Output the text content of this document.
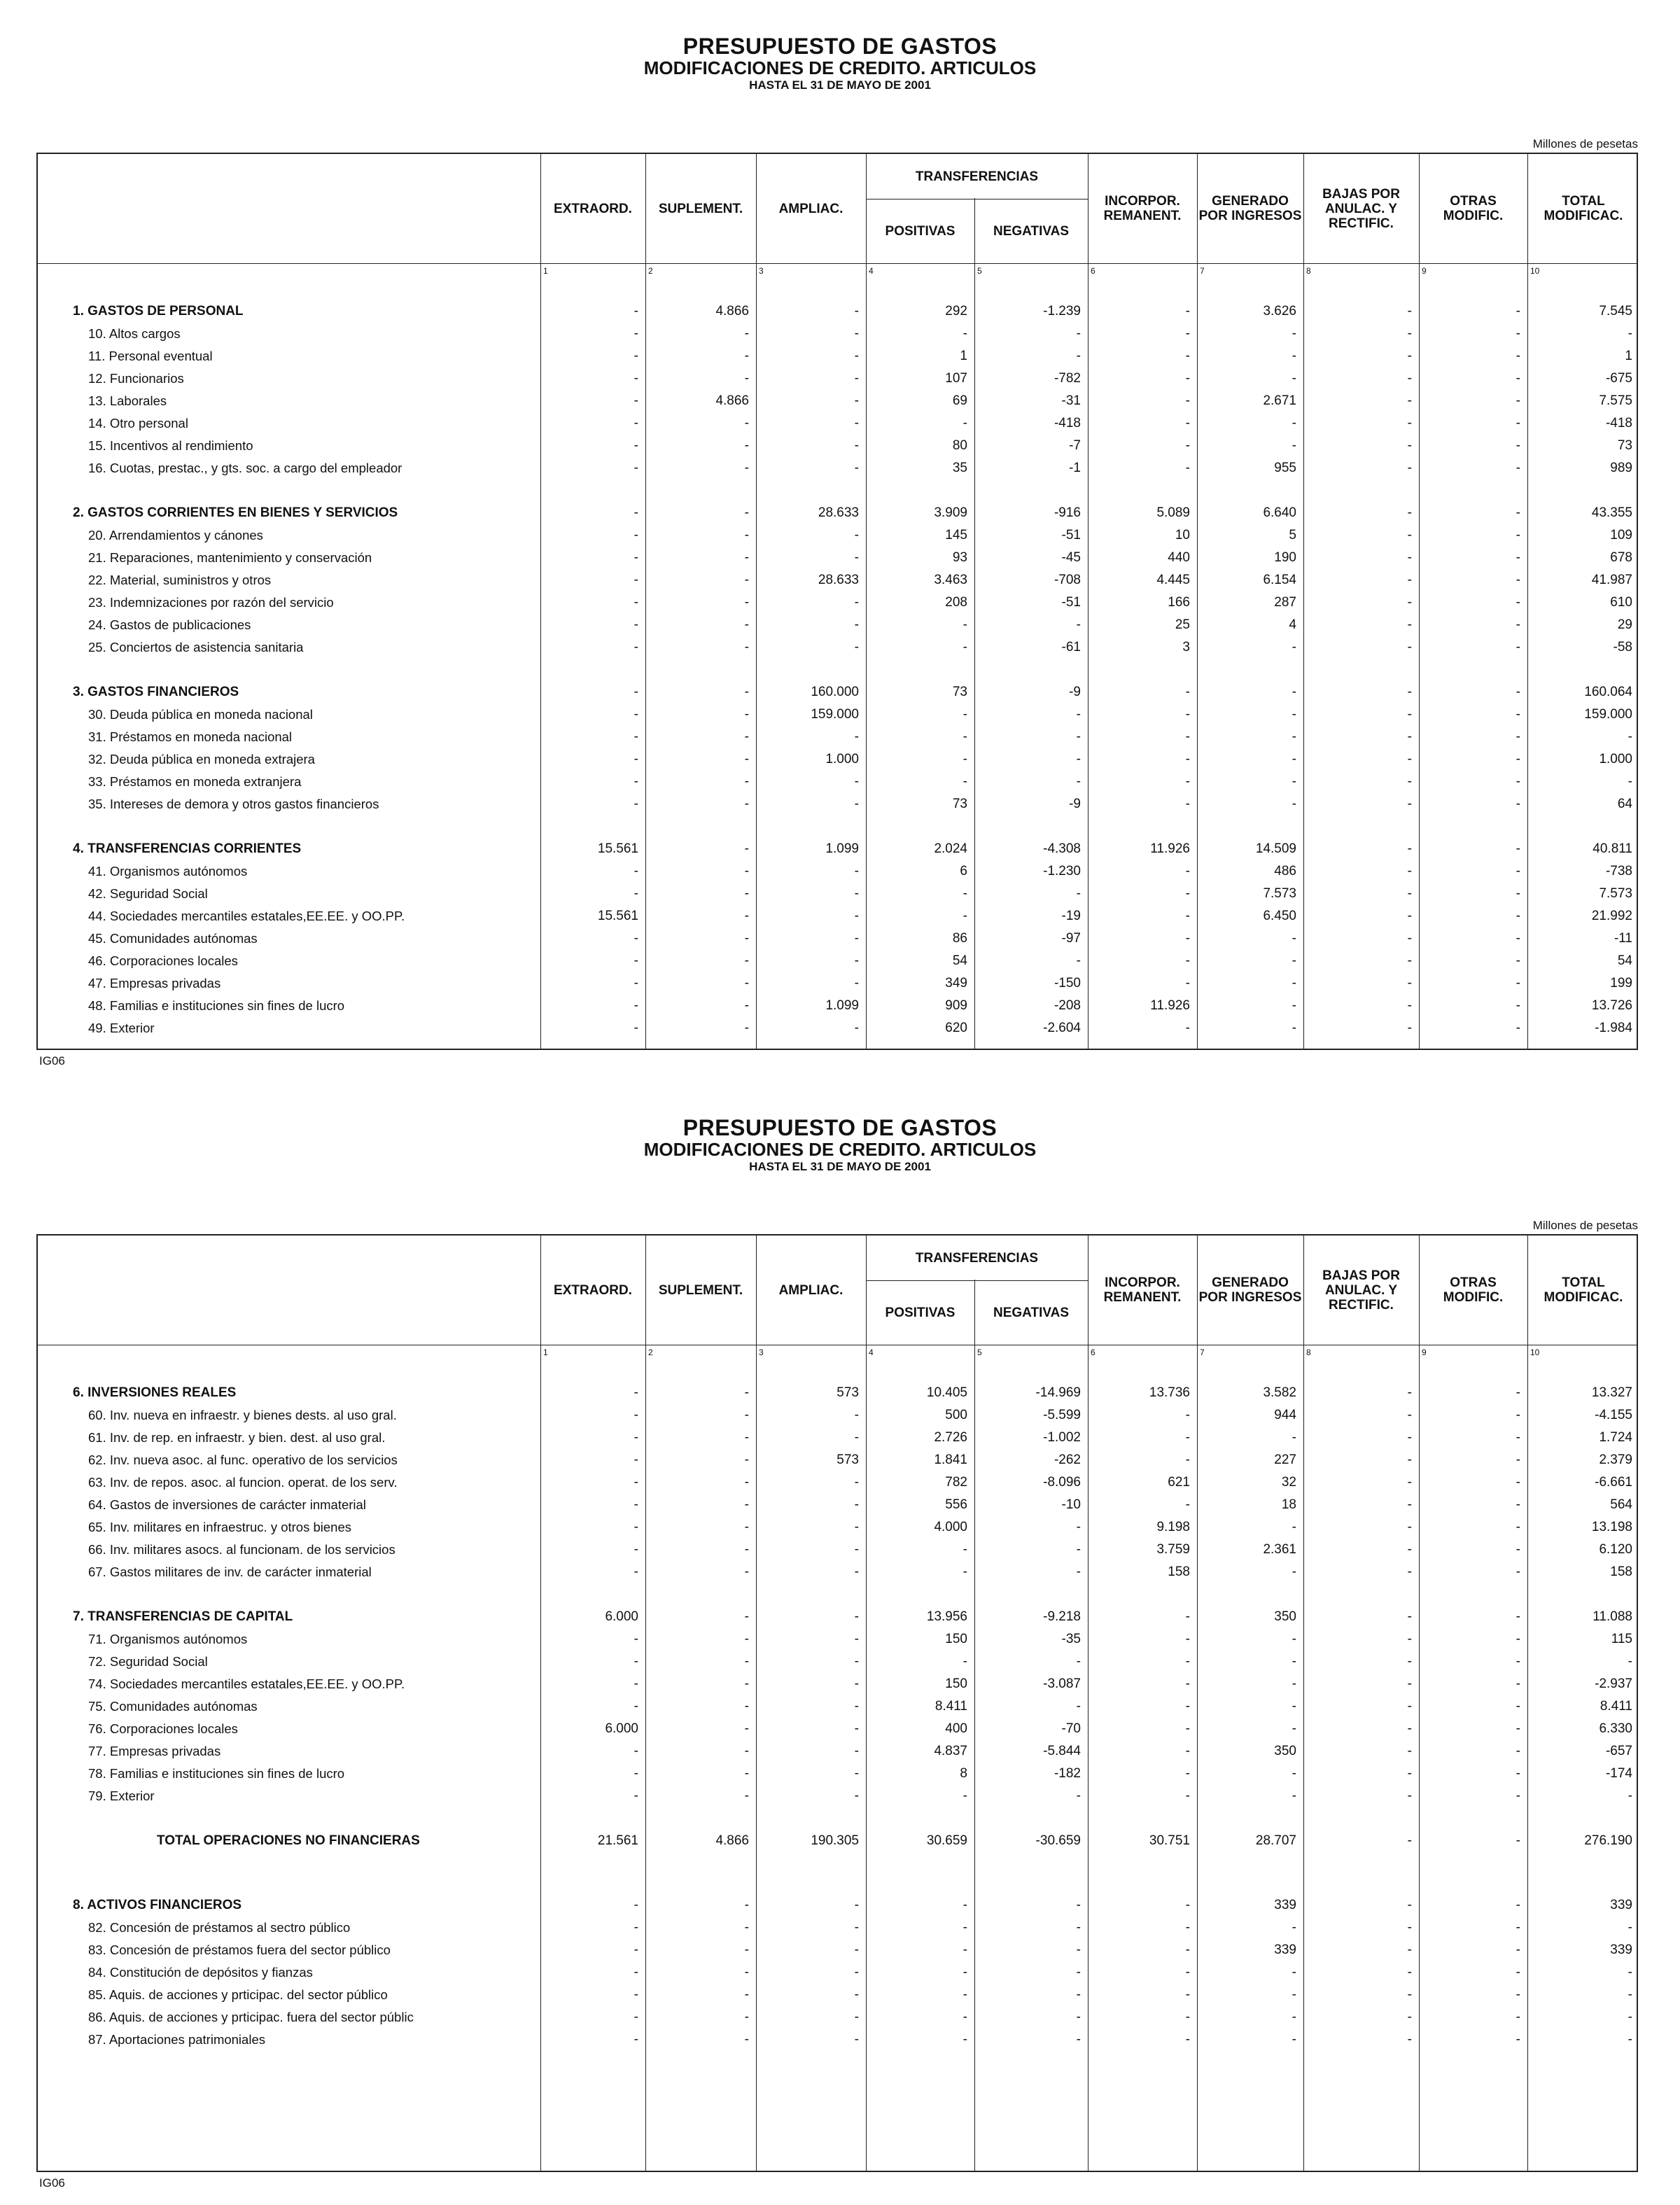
PRESUPUESTO DE GASTOS
MODIFICACIONES DE CREDITO. ARTICULOS
HASTA EL 31 DE MAYO DE 2001
Millones de pesetas
EXTRAORD.	SUPLEMENT.	AMPLIAC.
TRANSFERENCIAS
POSITIVAS	NEGATIVAS
INCORPOR. REMANENT.
GENERADO POR INGRESOS
BAJAS POR ANULAC. Y RECTIFIC.
OTRAS MODIFIC.
TOTAL MODIFICAC.
1	2	3	4	5	6	7	8	9	10
1. GASTOS DE PERSONAL	-	4.866	-	292	-1.239	-	3.626	-	-	7.545
10. Altos cargos	-	-	-	-	-	-	-	-	-	-
11. Personal eventual	-	-	-	1	-	-	-	-	-	1
12. Funcionarios	-	-	-	107	-782	-	-	-	-	-675
13. Laborales	-	4.866	-	69	-31	-	2.671	-	-	7.575
14. Otro personal	-	-	-	-	-418	-	-	-	-	-418
15. Incentivos al rendimiento	-	-	-	80	-7	-	-	-	-	73
16. Cuotas, prestac., y gts. soc. a cargo del empleador	-	-	-	35	-1	-	955	-	-	989
2. GASTOS CORRIENTES EN BIENES Y SERVICIOS	-	-	28.633	3.909	-916	5.089	6.640	-	-	43.355
20. Arrendamientos y cánones	-	-	-	145	-51	10	5	-	-	109
21. Reparaciones, mantenimiento y conservación	-	-	-	93	-45	440	190	-	-	678
22. Material, suministros y otros	-	-	28.633	3.463	-708	4.445	6.154	-	-	41.987
23. Indemnizaciones por razón del servicio	-	-	-	208	-51	166	287	-	-	610
24. Gastos de publicaciones	-	-	-	-	-	25	4	-	-	29
25. Conciertos de asistencia sanitaria	-	-	-	-	-61	3	-	-	-	-58
3. GASTOS FINANCIEROS	-	-	160.000	73	-9	-	-	-	-	160.064
30. Deuda pública en moneda nacional	-	-	159.000	-	-	-	-	-	-	159.000
31. Préstamos en moneda nacional	-	-	-	-	-	-	-	-	-	-
32. Deuda pública en moneda extrajera	-	-	1.000	-	-	-	-	-	-	1.000
33. Préstamos en moneda extranjera	-	-	-	-	-	-	-	-	-	-
35. Intereses de demora y otros gastos financieros	-	-	-	73	-9	-	-	-	-	64
4. TRANSFERENCIAS CORRIENTES	15.561	-	1.099	2.024	-4.308	11.926	14.509	-	-	40.811
41. Organismos autónomos	-	-	-	6	-1.230	-	486	-	-	-738
42. Seguridad Social	-	-	-	-	-	-	7.573	-	-	7.573
44. Sociedades mercantiles estatales,EE.EE. y OO.PP.	15.561	-	-	-	-19	-	6.450	-	-	21.992
45. Comunidades autónomas	-	-	-	86	-97	-	-	-	-	-11
46. Corporaciones locales	-	-	-	54	-	-	-	-	-	54
47. Empresas privadas	-	-	-	349	-150	-	-	-	-	199
48. Familias e instituciones sin fines de lucro	-	-	1.099	909	-208	11.926	-	-	-	13.726
49. Exterior	-	-	-	620	-2.604	-	-	-	-	-1.984
IG06
PRESUPUESTO DE GASTOS
MODIFICACIONES DE CREDITO. ARTICULOS
HASTA EL 31 DE MAYO DE 2001
Millones de pesetas
EXTRAORD.	SUPLEMENT.	AMPLIAC.
TRANSFERENCIAS
POSITIVAS	NEGATIVAS
INCORPOR. REMANENT.
GENERADO POR INGRESOS
BAJAS POR ANULAC. Y RECTIFIC.
OTRAS MODIFIC.
TOTAL MODIFICAC.
1	2	3	4	5	6	7	8	9	10
6. INVERSIONES REALES	-	-	573	10.405	-14.969	13.736	3.582	-	-	13.327
60. Inv. nueva en infraestr. y bienes dests. al uso gral.	-	-	-	500	-5.599	-	944	-	-	-4.155
61. Inv. de rep. en infraestr. y bien. dest. al uso gral.	-	-	-	2.726	-1.002	-	-	-	-	1.724
62. Inv. nueva asoc. al func. operativo de los servicios	-	-	573	1.841	-262	-	227	-	-	2.379
63. Inv. de repos. asoc. al funcion. operat. de los serv.	-	-	-	782	-8.096	621	32	-	-	-6.661
64. Gastos de inversiones de carácter inmaterial	-	-	-	556	-10	-	18	-	-	564
65. Inv. militares en infraestruc. y otros bienes	-	-	-	4.000	-	9.198	-	-	-	13.198
66. Inv. militares asocs. al funcionam. de los servicios	-	-	-	-	-	3.759	2.361	-	-	6.120
67. Gastos militares de inv. de carácter inmaterial	-	-	-	-	-	158	-	-	-	158
7. TRANSFERENCIAS DE CAPITAL	6.000	-	-	13.956	-9.218	-	350	-	-	11.088
71. Organismos autónomos	-	-	-	150	-35	-	-	-	-	115
72. Seguridad Social	-	-	-	-	-	-	-	-	-	-
74. Sociedades mercantiles estatales,EE.EE. y OO.PP.	-	-	-	150	-3.087	-	-	-	-	-2.937
75. Comunidades autónomas	-	-	-	8.411	-	-	-	-	-	8.411
76. Corporaciones locales	6.000	-	-	400	-70	-	-	-	-	6.330
77. Empresas privadas	-	-	-	4.837	-5.844	-	350	-	-	-657
78. Familias e instituciones sin fines de lucro	-	-	-	8	-182	-	-	-	-	-174
79. Exterior	-	-	-	-	-	-	-	-	-	-
TOTAL OPERACIONES NO FINANCIERAS	21.561	4.866	190.305	30.659	-30.659	30.751	28.707	-	-	276.190
8. ACTIVOS FINANCIEROS	-	-	-	-	-	-	339	-	-	339
82. Concesión de préstamos al sectro público	-	-	-	-	-	-	-	-	-	-
83. Concesión de préstamos fuera del sector público	-	-	-	-	-	-	339	-	-	339
84. Constitución de depósitos y fianzas	-	-	-	-	-	-	-	-	-	-
85. Aquis. de acciones y prticipac. del sector público	-	-	-	-	-	-	-	-	-	-
86. Aquis. de acciones y prticipac. fuera del sector públic	-	-	-	-	-	-	-	-	-	-
87. Aportaciones patrimoniales	-	-	-	-	-	-	-	-	-	-
IG06
